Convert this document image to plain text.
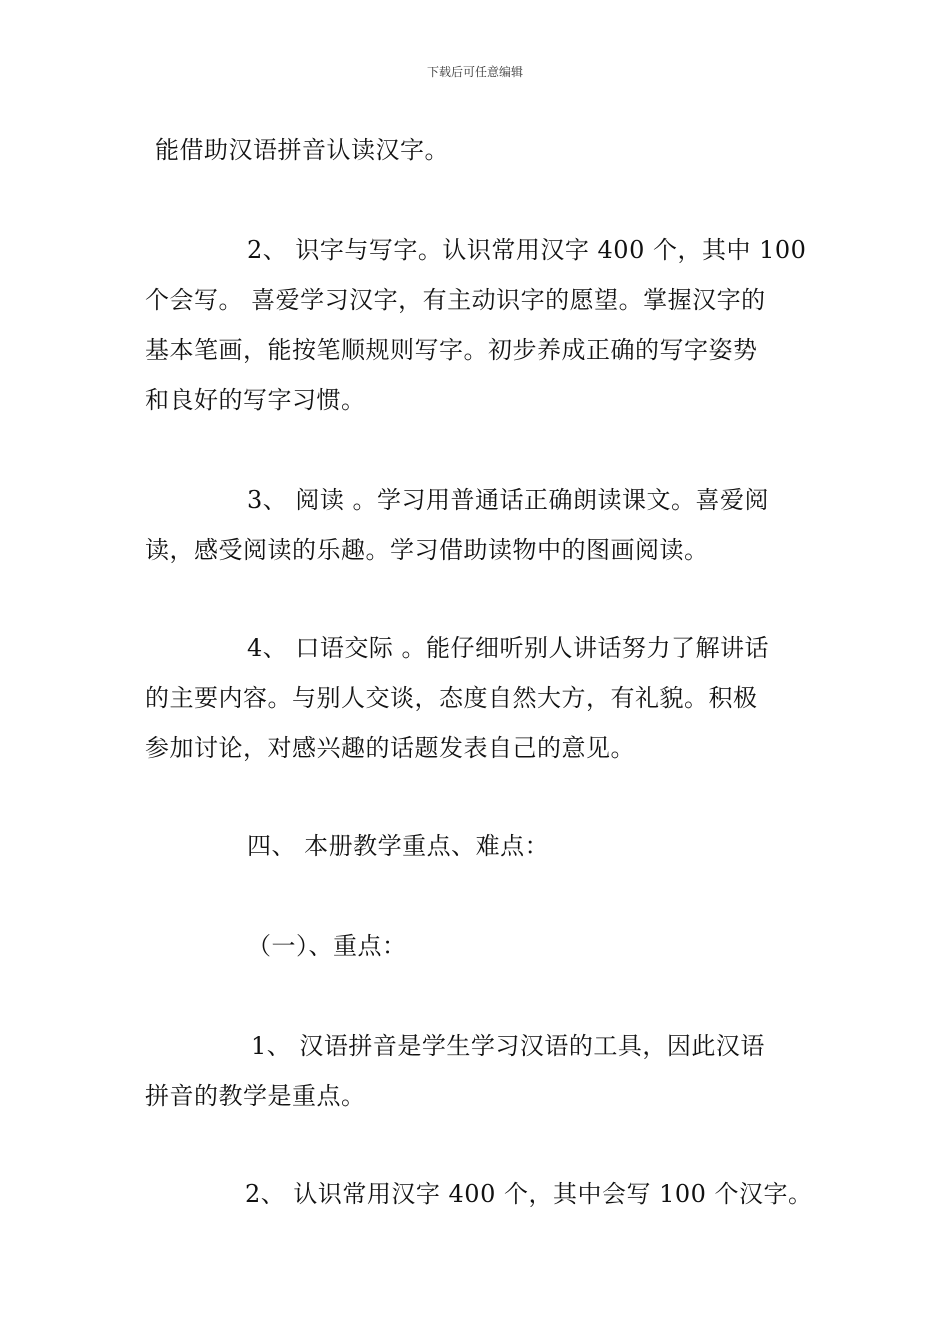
下载后可任意编辑

能借助汉语拼音认读汉字。

2、 识字与写字。认识常用汉字 400 个，其中 100
个会写。 喜爱学习汉字，有主动识字的愿望。掌握汉字的
基本笔画，能按笔顺规则写字。初步养成正确的写字姿势
和良好的写字习惯。

3、 阅读 。学习用普通话正确朗读课文。喜爱阅
读，感受阅读的乐趣。学习借助读物中的图画阅读。

4、 口语交际 。能仔细听别人讲话努力了解讲话
的主要内容。与别人交谈，态度自然大方，有礼貌。积极
参加讨论，对感兴趣的话题发表自己的意见。

四、 本册教学重点、难点：

（一）、重点：

1、 汉语拼音是学生学习汉语的工具，因此汉语
拼音的教学是重点。

2、 认识常用汉字 400 个，其中会写 100 个汉字。
